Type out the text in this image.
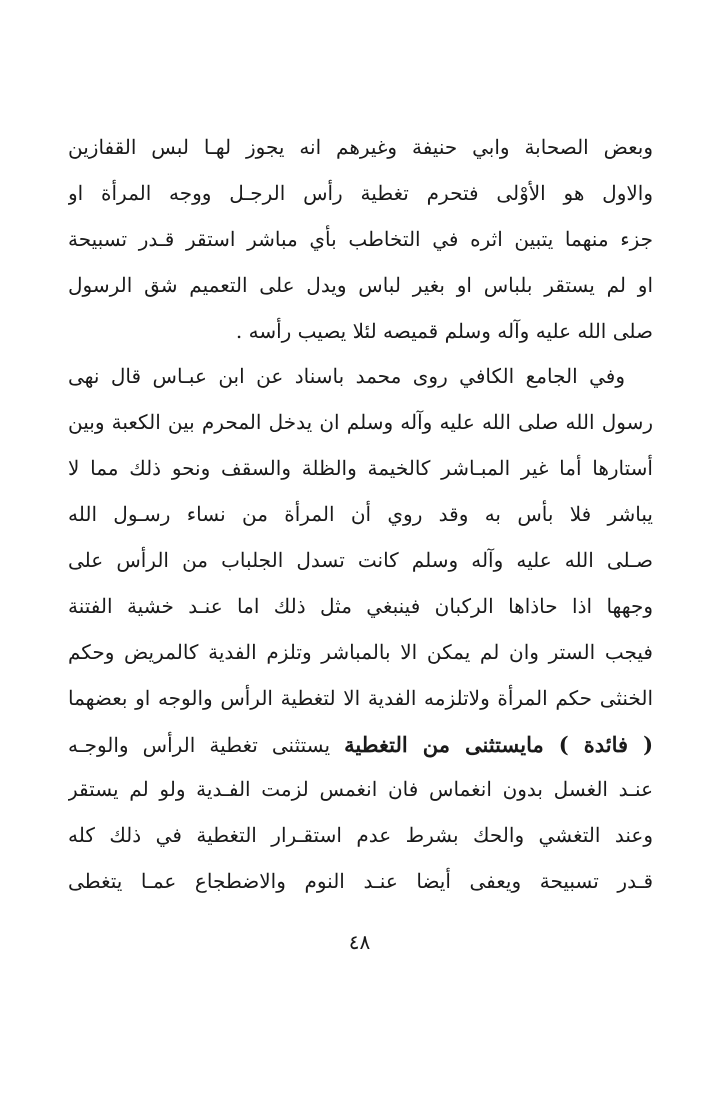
وبعض الصحابة وابي حنيفة وغيرهم انه يجوز لهـا لبس القفازين
والاول هو الأوْلى فتحرم تغطية رأس الرجـل ووجه المرأة او
جزء منهما يتبين اثره في التخاطب بأي مباشر استقر قـدر تسبيحة
او لم يستقر بلباس او بغير لباس ويدل على التعميم شق الرسول
صلى الله عليه وآله وسلم قميصه لئلا يصيب رأسه .
وفي الجامع الكافي روى محمد باسناد عن ابن عبـاس قال نهى
رسول الله صلى الله عليه وآله وسلم ان يدخل المحرم بين الكعبة وبين
أستارها أما غير المبـاشر كالخيمة والظلة والسقف ونحو ذلك مما لا
يباشر فلا بأس به وقد روي أن المرأة من نساء رسـول الله
صـلى الله عليه وآله وسلم كانت تسدل الجلباب من الرأس على
وجهها اذا حاذاها الركبان فينبغي مثل ذلك اما عنـد خشية الفتنة
فيجب الستر وان لم يمكن الا بالمباشر وتلزم الفدية كالمريض وحكم
الخنثى حكم المرأة ولاتلزمه الفدية الا لتغطية الرأس والوجه او بعضهما
( فائدة ) مايستثنى من التغطية يستثنى تغطية الرأس والوجـه
عنـد الغسل بدون انغماس فان انغمس لزمت الفـدية ولو لم يستقر
وعند التغشي والحك بشرط عدم استقـرار التغطية في ذلك كله
قـدر تسبيحة ويعفى أيضا عنـد النوم والاضطجاع عمـا يتغطى
٤٨
